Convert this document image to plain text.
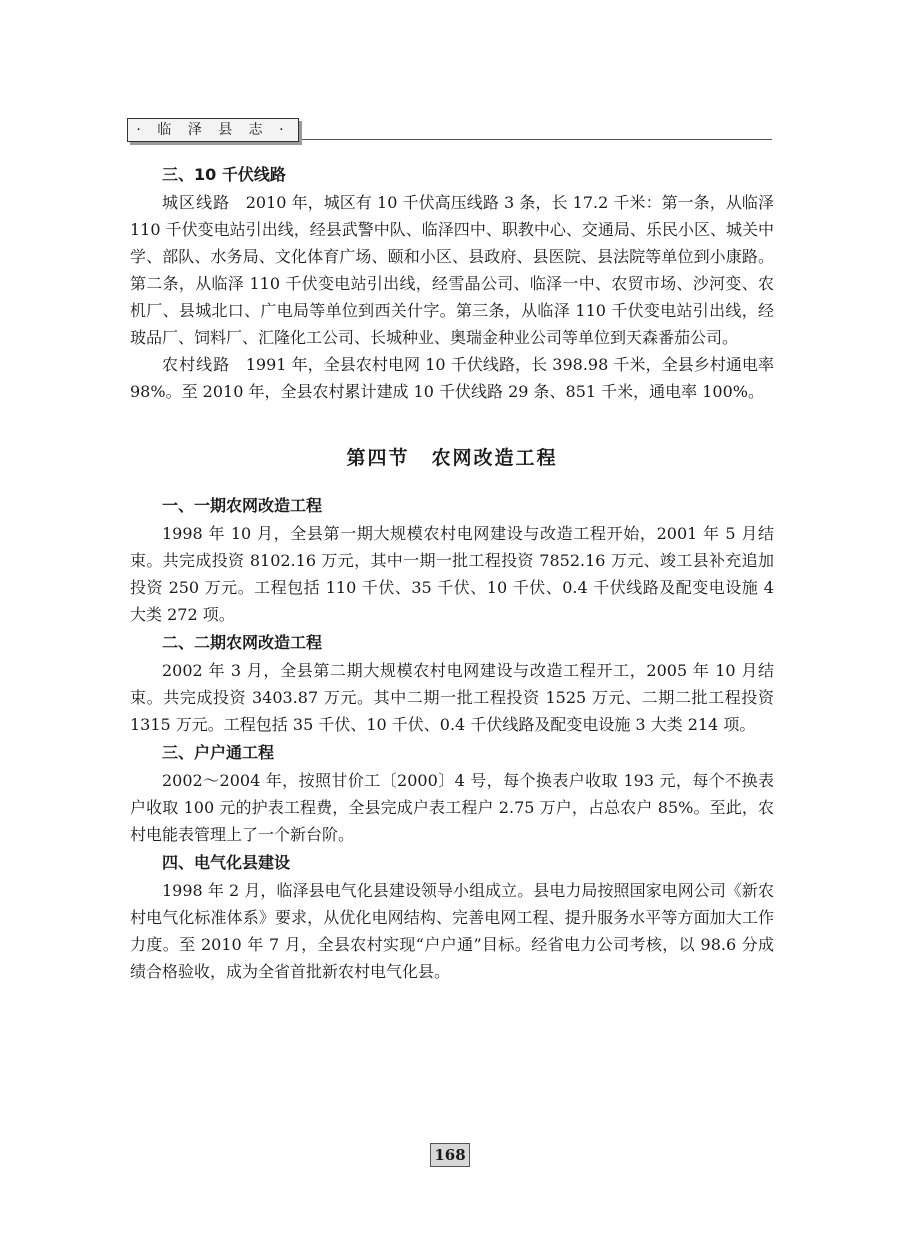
· 临 泽 县 志 ·

三、10 千伏线路

城区线路 2010 年，城区有 10 千伏高压线路 3 条，长 17.2 千米：第一条，从临泽 110 千伏变电站引出线，经县武警中队、临泽四中、职教中心、交通局、乐民小区、城关中学、部队、水务局、文化体育广场、颐和小区、县政府、县医院、县法院等单位到小康路。第二条，从临泽 110 千伏变电站引出线，经雪晶公司、临泽一中、农贸市场、沙河变、农机厂、县城北口、广电局等单位到西关什字。第三条，从临泽 110 千伏变电站引出线，经玻品厂、饲料厂、汇隆化工公司、长城种业、奥瑞金种业公司等单位到天森番茄公司。

农村线路 1991 年，全县农村电网 10 千伏线路，长 398.98 千米，全县乡村通电率 98%。至 2010 年，全县农村累计建成 10 千伏线路 29 条、851 千米，通电率 100%。

第四节 农网改造工程

一、一期农网改造工程

1998 年 10 月，全县第一期大规模农村电网建设与改造工程开始，2001 年 5 月结束。共完成投资 8102.16 万元，其中一期一批工程投资 7852.16 万元、竣工县补充追加投资 250 万元。工程包括 110 千伏、35 千伏、10 千伏、0.4 千伏线路及配变电设施 4 大类 272 项。

二、二期农网改造工程

2002 年 3 月，全县第二期大规模农村电网建设与改造工程开工，2005 年 10 月结束。共完成投资 3403.87 万元。其中二期一批工程投资 1525 万元、二期二批工程投资 1315 万元。工程包括 35 千伏、10 千伏、0.4 千伏线路及配变电设施 3 大类 214 项。

三、户户通工程

2002～2004 年，按照甘价工〔2000〕4 号，每个换表户收取 193 元，每个不换表户收取 100 元的护表工程费，全县完成户表工程户 2.75 万户，占总农户 85%。至此，农村电能表管理上了一个新台阶。

四、电气化县建设

1998 年 2 月，临泽县电气化县建设领导小组成立。县电力局按照国家电网公司《新农村电气化标准体系》要求，从优化电网结构、完善电网工程、提升服务水平等方面加大工作力度。至 2010 年 7 月，全县农村实现“户户通”目标。经省电力公司考核，以 98.6 分成绩合格验收，成为全省首批新农村电气化县。

168
